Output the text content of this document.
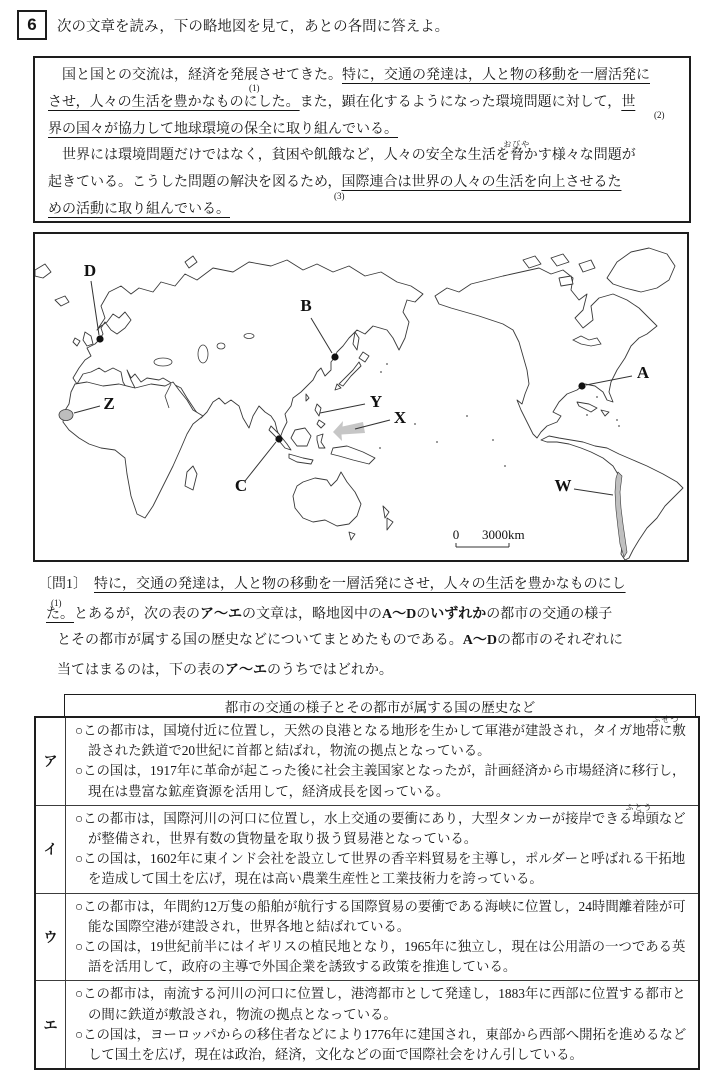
6 次の文章を読み，下の略地図を見て，あとの各問に答えよ。
　国と国との交流は，経済を発展させてきた。特に，交通の発達は，人と物の移動を一層活発に
させ，人々の生活を豊かなものにした。また，顕在化するようになった環境問題に対して，世
界の国々が協力して地球環境の保全に取り組んでいる。
　世界には環境問題だけではなく，貧困や飢餓など，人々の安全な生活を脅
おびや
かす様々な問題が
起きている。こうした問題の解決を図るため，国際連合は世界の人々の生活を向上させるた
めの活動に取り組んでいる。
(1)
(2)
(3)
A
B
C
D
W
X
Y
Z
0 3000km
〔問1〕　 特に，交通の発達は，人と物の移動を一層活発にさせ，人々の生活を豊かなものにし
た。とあるが，次の表のア～エの文章は，略地図中のA～Dのいずれかの都市の交通の様子
とその都市が属する国の歴史などについてまとめたものである。A～Dの都市のそれぞれに
当てはまるのは，下の表のア～エのうちではどれか。
(1)
都市の交通の様子とその都市が属する国の歴史など
ア
○この都市は，国境付近に位置し，天然の良港となる地形を生かして軍港が建設され，タイガ地帯に敷設
ふせつ
された鉄道で20世紀に首都と結ばれ，物流の拠点となっている。
○この国は，1917年に革命が起こった後に社会主義国家となったが，計画経済から市場経済に移行し，現在は豊富な鉱産資源を活用して，経済成長を図っている。
イ
○この都市は，国際河川の河口に位置し，水上交通の要衝にあり，大型タンカーが接岸できる埠頭
ふとう
などが整備され，世界有数の貨物量を取り扱う貿易港となっている。
○この国は，1602年に東インド会社を設立して世界の香辛料貿易を主導し，ポルダーと呼ばれる干拓地を造成して国土を広げ，現在は高い農業生産性と工業技術力を誇っている。
ウ
○この都市は，年間約12万隻の船舶が航行する国際貿易の要衝である海峡に位置し，24時間離着陸が可能な国際空港が建設され，世界各地と結ばれている。
○この国は，19世紀前半にはイギリスの植民地となり，1965年に独立し，現在は公用語の一つである英語を活用して，政府の主導で外国企業を誘致する政策を推進している。
エ
○この都市は，南流する河川の河口に位置し，港湾都市として発達し，1883年に西部に位置する都市との間に鉄道が敷設され，物流の拠点となっている。
○この国は，ヨーロッパからの移住者などにより1776年に建国され，東部から西部へ開拓を進めるなどして国土を広げ，現在は政治，経済，文化などの面で国際社会をけん引している。
